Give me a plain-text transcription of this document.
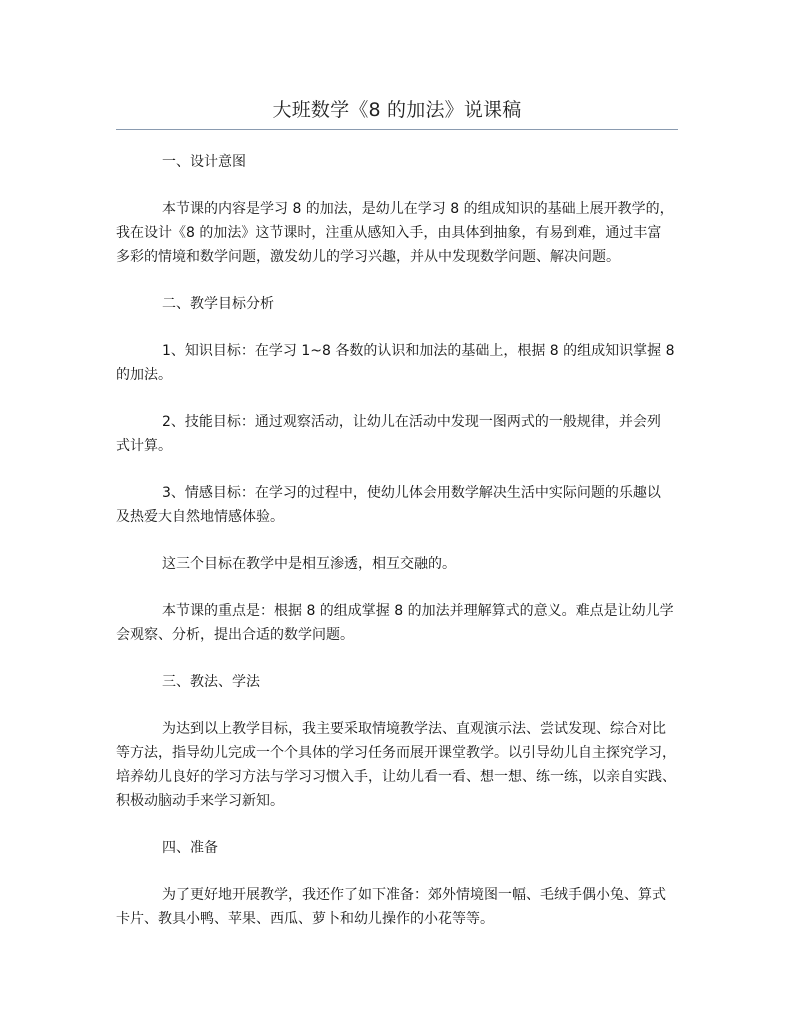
大班数学《8 的加法》说课稿

一、设计意图

本节课的内容是学习 8 的加法，是幼儿在学习 8 的组成知识的基础上展开教学的，
我在设计《8 的加法》这节课时，注重从感知入手，由具体到抽象，有易到难，通过丰富
多彩的情境和数学问题，激发幼儿的学习兴趣，并从中发现数学问题、解决问题。

二、教学目标分析

1、知识目标：在学习 1~8 各数的认识和加法的基础上，根据 8 的组成知识掌握 8
的加法。

2、技能目标：通过观察活动，让幼儿在活动中发现一图两式的一般规律，并会列
式计算。

3、情感目标：在学习的过程中，使幼儿体会用数学解决生活中实际问题的乐趣以
及热爱大自然地情感体验。

这三个目标在教学中是相互渗透，相互交融的。

本节课的重点是：根据 8 的组成掌握 8 的加法并理解算式的意义。难点是让幼儿学
会观察、分析，提出合适的数学问题。

三、教法、学法

为达到以上教学目标，我主要采取情境教学法、直观演示法、尝试发现、综合对比
等方法，指导幼儿完成一个个具体的学习任务而展开课堂教学。以引导幼儿自主探究学习，
培养幼儿良好的学习方法与学习习惯入手，让幼儿看一看、想一想、练一练，以亲自实践、
积极动脑动手来学习新知。

四、准备

为了更好地开展教学，我还作了如下准备：郊外情境图一幅、毛绒手偶小兔、算式
卡片、教具小鸭、苹果、西瓜、萝卜和幼儿操作的小花等等。
